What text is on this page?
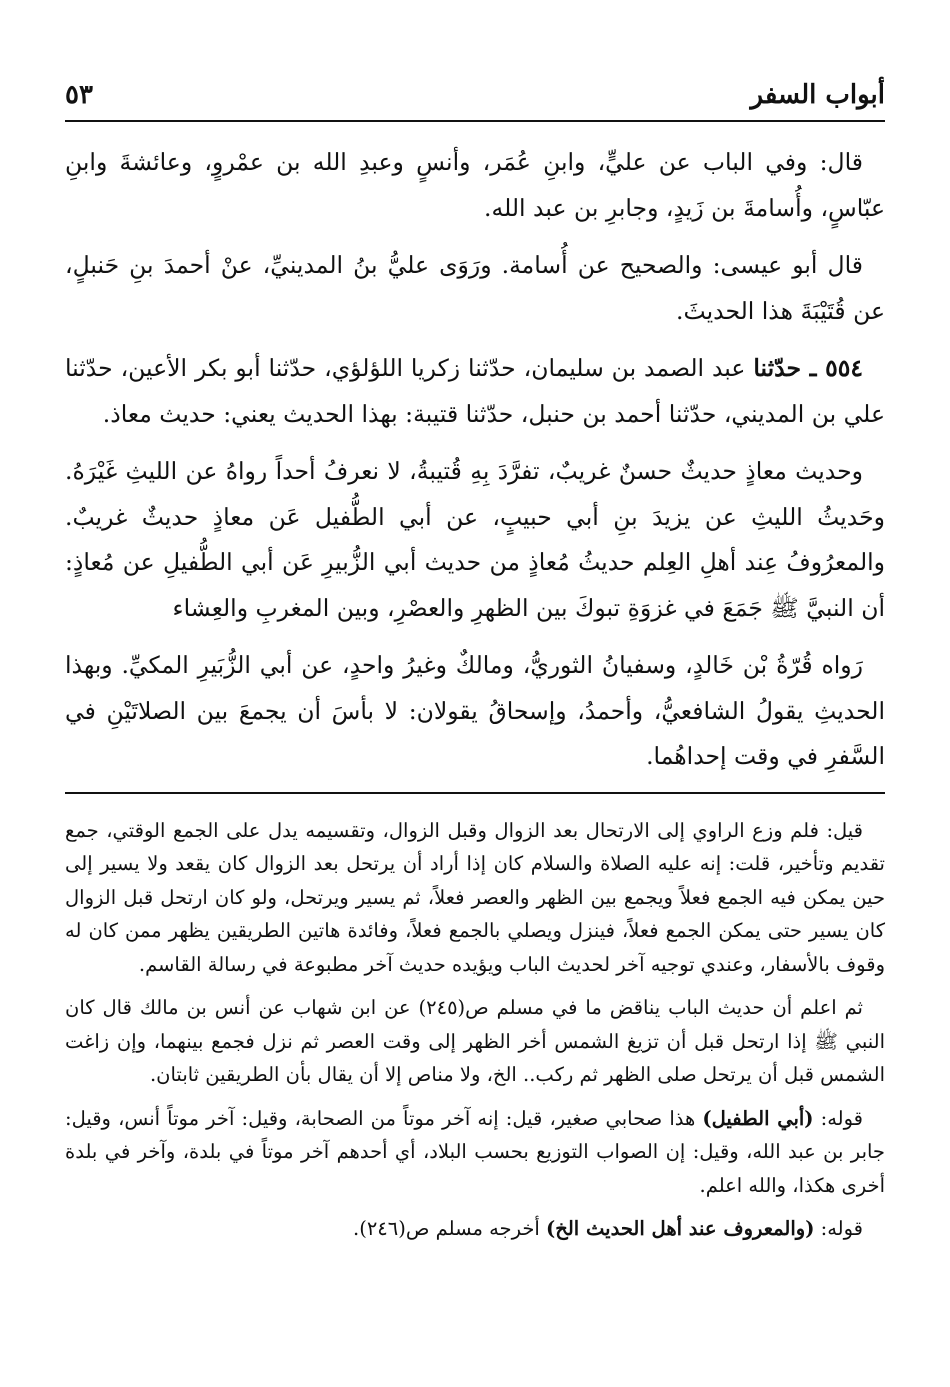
أبواب السفر
٥٣

قال: وفي الباب عن عليٍّ، وابنِ عُمَر، وأنسٍ وعبدِ الله بن عمْروٍ، وعائشةَ وابنِ عبّاسٍ، وأُسامةَ بن زَيدٍ، وجابرِ بن عبد الله.

قال أبو عيسى: والصحيح عن أُسامة. ورَوَى عليُّ بنُ المدينيِّ، عنْ أحمدَ بنِ حَنبلٍ، عن قُتَيْبَةَ هذا الحديثَ.

٥٥٤ ـ حدّثنا عبد الصمد بن سليمان، حدّثنا زكريا اللؤلؤي، حدّثنا أبو بكر الأعين، حدّثنا علي بن المديني، حدّثنا أحمد بن حنبل، حدّثنا قتيبة: بهذا الحديث يعني: حديث معاذ.

وحديث معاذٍ حديثٌ حسنٌ غريبٌ، تفرَّدَ بِهِ قُتيبةُ، لا نعرفُ أحداً رواهُ عن الليثِ غَيْرَهُ. وحَديثُ الليثِ عن يزيدَ بنِ أبي حبيبٍ، عن أبي الطُّفيل عَن معاذٍ حديثٌ غريبٌ. والمعرُوفُ عِند أهلِ العِلم حديثُ مُعاذٍ من حديث أبي الزُّبيرِ عَن أبي الطُّفيلِ عن مُعاذٍ: أن النبيَّ ﷺ جَمَعَ في غزوَةِ تبوكَ بين الظهرِ والعصْرِ، وبين المغربِ والعِشاء

رَواه قُرّةُ بْن خَالدٍ، وسفيانُ الثوريُّ، ومالكٌ وغيرُ واحدٍ، عن أبي الزُّبَيرِ المكيِّ. وبهذا الحديثِ يقولُ الشافعيُّ، وأحمدُ، وإسحاقُ يقولان: لا بأسَ أن يجمعَ بين الصلاتَيْنِ في السَّفرِ في وقت إحداهُما.

قيل: فلم وزع الراوي إلى الارتحال بعد الزوال وقبل الزوال، وتقسيمه يدل على الجمع الوقتي، جمع تقديم وتأخير، قلت: إنه عليه الصلاة والسلام كان إذا أراد أن يرتحل بعد الزوال كان يقعد ولا يسير إلى حين يمكن فيه الجمع فعلاً ويجمع بين الظهر والعصر فعلاً، ثم يسير ويرتحل، ولو كان ارتحل قبل الزوال كان يسير حتى يمكن الجمع فعلاً، فينزل ويصلي بالجمع فعلاً، وفائدة هاتين الطريقين يظهر ممن كان له وقوف بالأسفار، وعندي توجيه آخر لحديث الباب ويؤيده حديث آخر مطبوعة في رسالة القاسم.

ثم اعلم أن حديث الباب يناقض ما في مسلم ص(٢٤٥) عن ابن شهاب عن أنس بن مالك قال كان النبي ﷺ إذا ارتحل قبل أن تزيغ الشمس أخر الظهر إلى وقت العصر ثم نزل فجمع بينهما، وإن زاغت الشمس قبل أن يرتحل صلى الظهر ثم ركب.. الخ، ولا مناص إلا أن يقال بأن الطريقين ثابتان.

قوله: (أبي الطفيل) هذا صحابي صغير، قيل: إنه آخر موتاً من الصحابة، وقيل: آخر موتاً أنس، وقيل: جابر بن عبد الله، وقيل: إن الصواب التوزيع بحسب البلاد، أي أحدهم آخر موتاً في بلدة، وآخر في بلدة أخرى هكذا، والله اعلم.

قوله: (والمعروف عند أهل الحديث الخ) أخرجه مسلم ص(٢٤٦).
